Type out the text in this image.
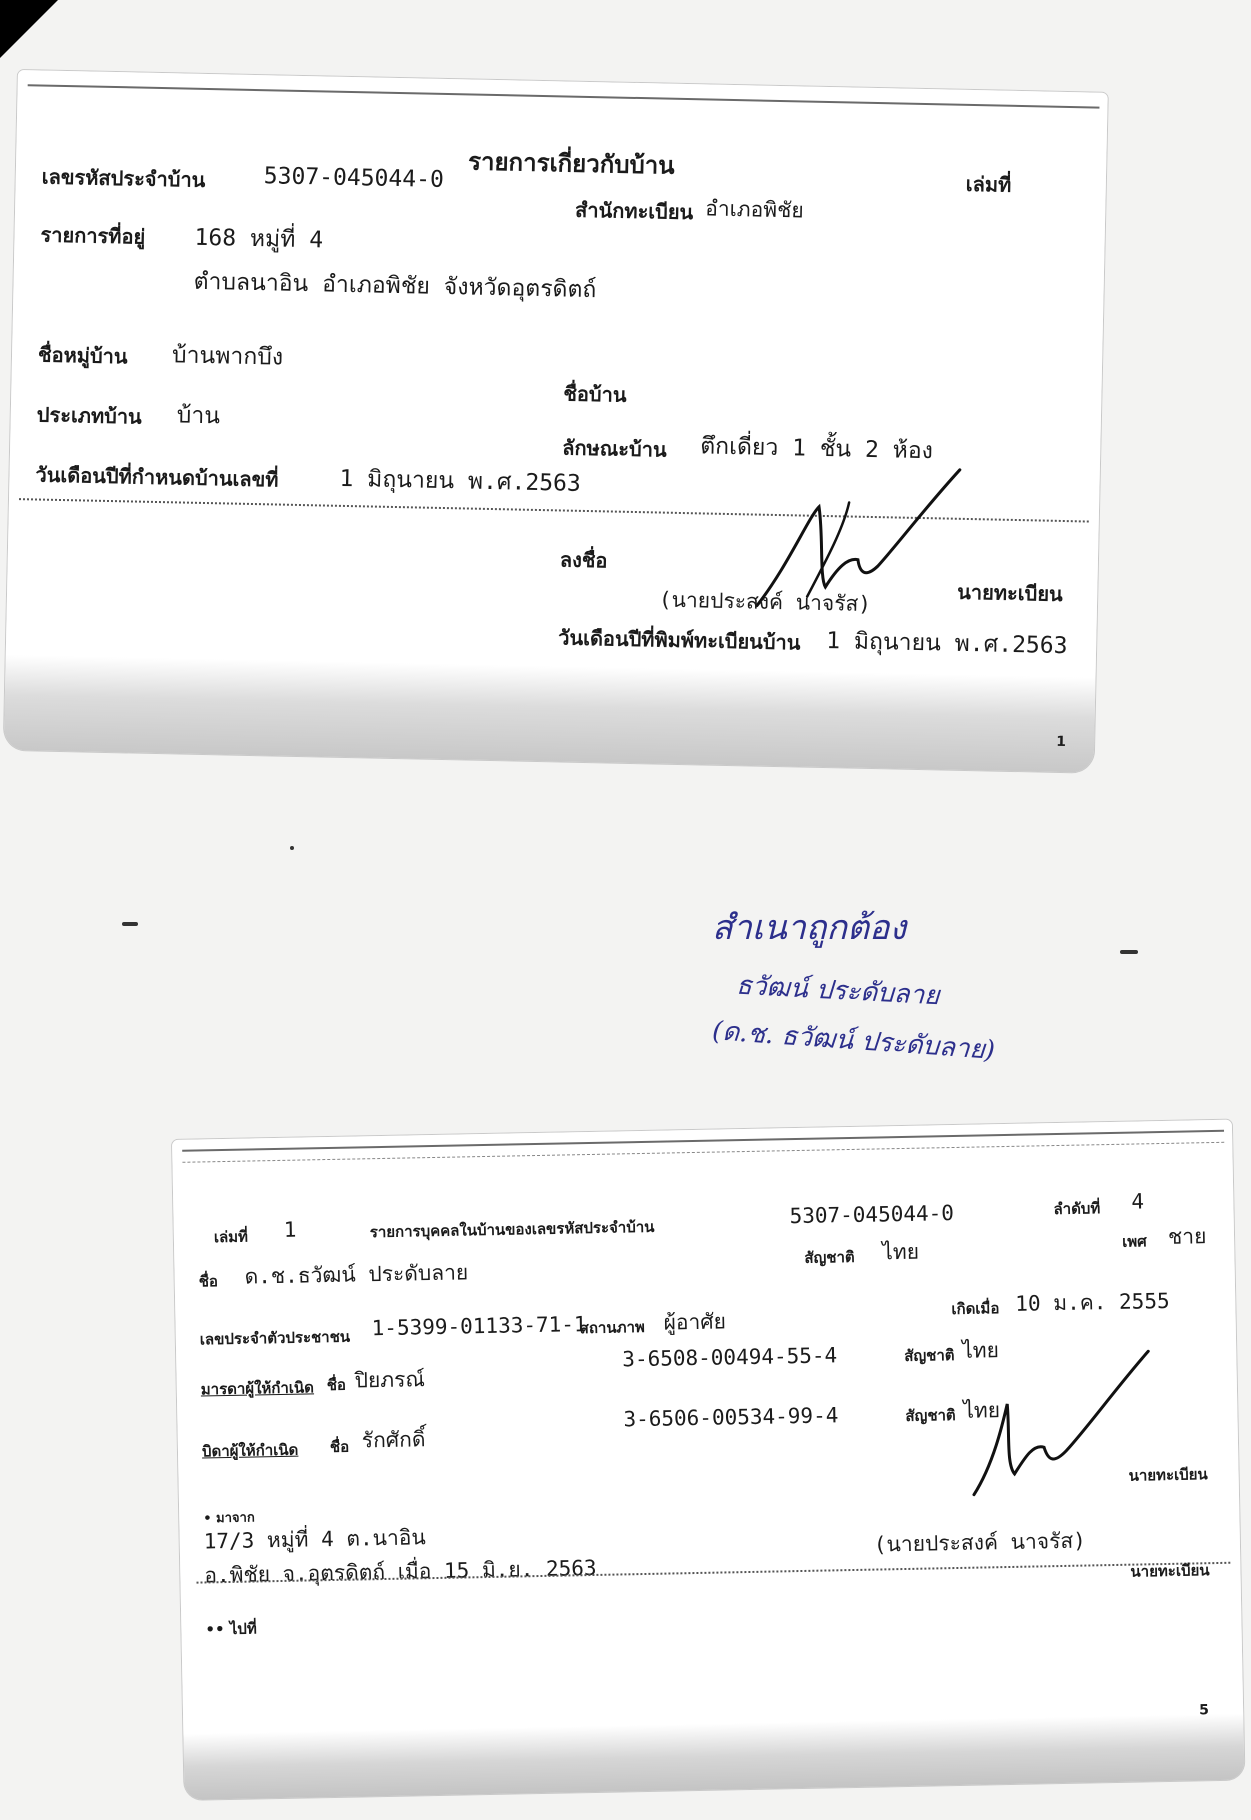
รายการเกี่ยวกับบ้าน
เล่มที่
เลขรหัสประจำบ้าน	5307-045044-0
สำนักทะเบียน อำเภอพิชัย
รายการที่อยู่ 168 หมู่ที่ 4
ตำบลนาอิน อำเภอพิชัย จังหวัดอุตรดิตถ์
ชื่อหมู่บ้าน บ้านพากบึง
ชื่อบ้าน
ประเภทบ้าน บ้าน
ลักษณะบ้าน ตึกเดี่ยว 1 ชั้น 2 ห้อง
วันเดือนปีที่กำหนดบ้านเลขที่	1 มิถุนายน พ.ศ.2563
ลงชื่อ
นายทะเบียน
(นายประสงค์ นาจรัส)
วันเดือนปีที่พิมพ์ทะเบียนบ้าน 1 มิถุนายน พ.ศ.2563
1
สำเนาถูกต้อง
ธวัฒน์ ประดับลาย
(ด.ช. ธวัฒน์ ประดับลาย)
เล่มที่ 1	รายการบุคคลในบ้านของเลขรหัสประจำบ้าน
5307-045044-0	ลำดับที่ 4
ชื่อ ด.ช.ธวัฒน์ ประดับลาย
สัญชาติ ไทย	เพศ ชาย
เลขประจำตัวประชาชน 1-5399-01133-71-1
สถานภาพ ผู้อาศัย
เกิดเมื่อ 10 ม.ค. 2555
มารดาผู้ให้กำเนิด ชื่อ ปิยภรณ์
3-6508-00494-55-4	สัญชาติ ไทย
บิดาผู้ให้กำเนิด ชื่อ รักศักดิ์
3-6506-00534-99-4	สัญชาติ ไทย
นายทะเบียน
• มาจาก
17/3 หมู่ที่ 4 ต.นาอิน
อ.พิชัย จ.อุตรดิตถ์ เมื่อ 15 มิ.ย. 2563
(นายประสงค์ นาจรัส)
นายทะเบียน
•• ไปที่
5
